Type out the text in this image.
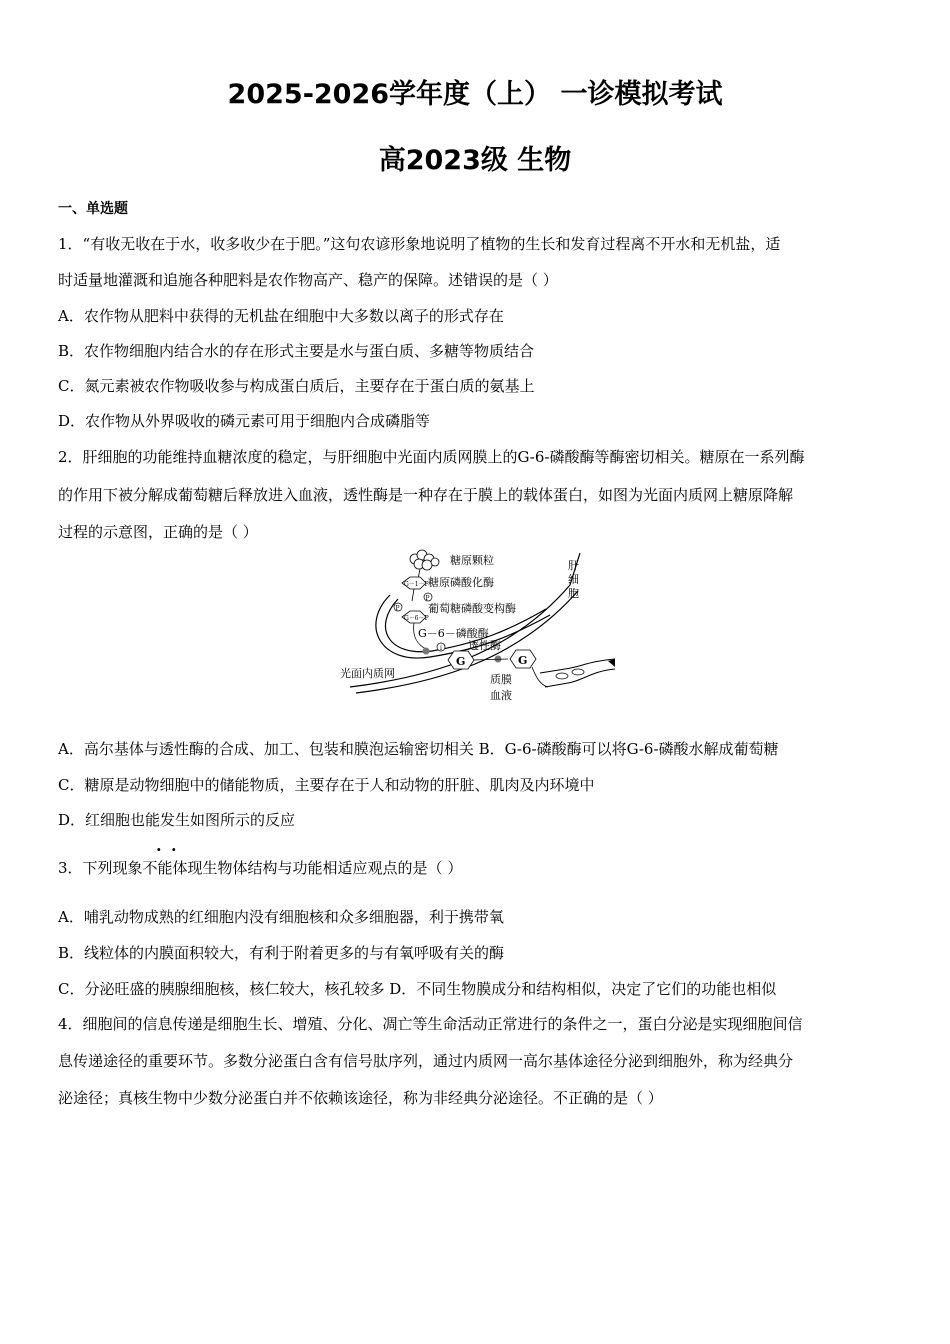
2025-2026学年度（上） 一诊模拟考试
高2023级 生物
一、单选题
1．“有收无收在于水，收多收少在于肥。”这句农谚形象地说明了植物的生长和发育过程离不开水和无机盐，适
时适量地灌溉和追施各种肥料是农作物高产、稳产的保障。述错误的是（ ）
A．农作物从肥料中获得的无机盐在细胞中大多数以离子的形式存在
B．农作物细胞内结合水的存在形式主要是水与蛋白质、多糖等物质结合
C．氮元素被农作物吸收参与构成蛋白质后，主要存在于蛋白质的氨基上
D．农作物从外界吸收的磷元素可用于细胞内合成磷脂等
2．肝细胞的功能维持血糖浓度的稳定，与肝细胞中光面内质网膜上的G-6-磷酸酶等酶密切相关。糖原在一系列酶
的作用下被分解成葡萄糖后释放进入血液，透性酶是一种存在于膜上的载体蛋白，如图为光面内质网上糖原降解
过程的示意图，正确的是（ ）
糖原颗粒
G－1－P 糖原磷酸化酶
P
P
G－6－P
葡萄糖磷酸变构酶
G－6－磷酸酶
i 透性酶
G	G
光面内质网	质膜
血液
肝
细
胞
A．高尔基体与透性酶的合成、加工、包装和膜泡运输密切相关 B．G-6-磷酸酶可以将G-6-磷酸水解成葡萄糖
C．糖原是动物细胞中的储能物质，主要存在于人和动物的肝脏、肌肉及内环境中
D．红细胞也能发生如图所示的反应
· ·
3．下列现象不能体现生物体结构与功能相适应观点的是（ ）
A．哺乳动物成熟的红细胞内没有细胞核和众多细胞器，利于携带氧
B．线粒体的内膜面积较大，有利于附着更多的与有氧呼吸有关的酶
C．分泌旺盛的胰腺细胞核，核仁较大，核孔较多 D．不同生物膜成分和结构相似，决定了它们的功能也相似
4．细胞间的信息传递是细胞生长、增殖、分化、凋亡等生命活动正常进行的条件之一，蛋白分泌是实现细胞间信
息传递途径的重要环节。多数分泌蛋白含有信号肽序列，通过内质网一高尔基体途径分泌到细胞外，称为经典分
泌途径；真核生物中少数分泌蛋白并不依赖该途径，称为非经典分泌途径。不正确的是（ ）
